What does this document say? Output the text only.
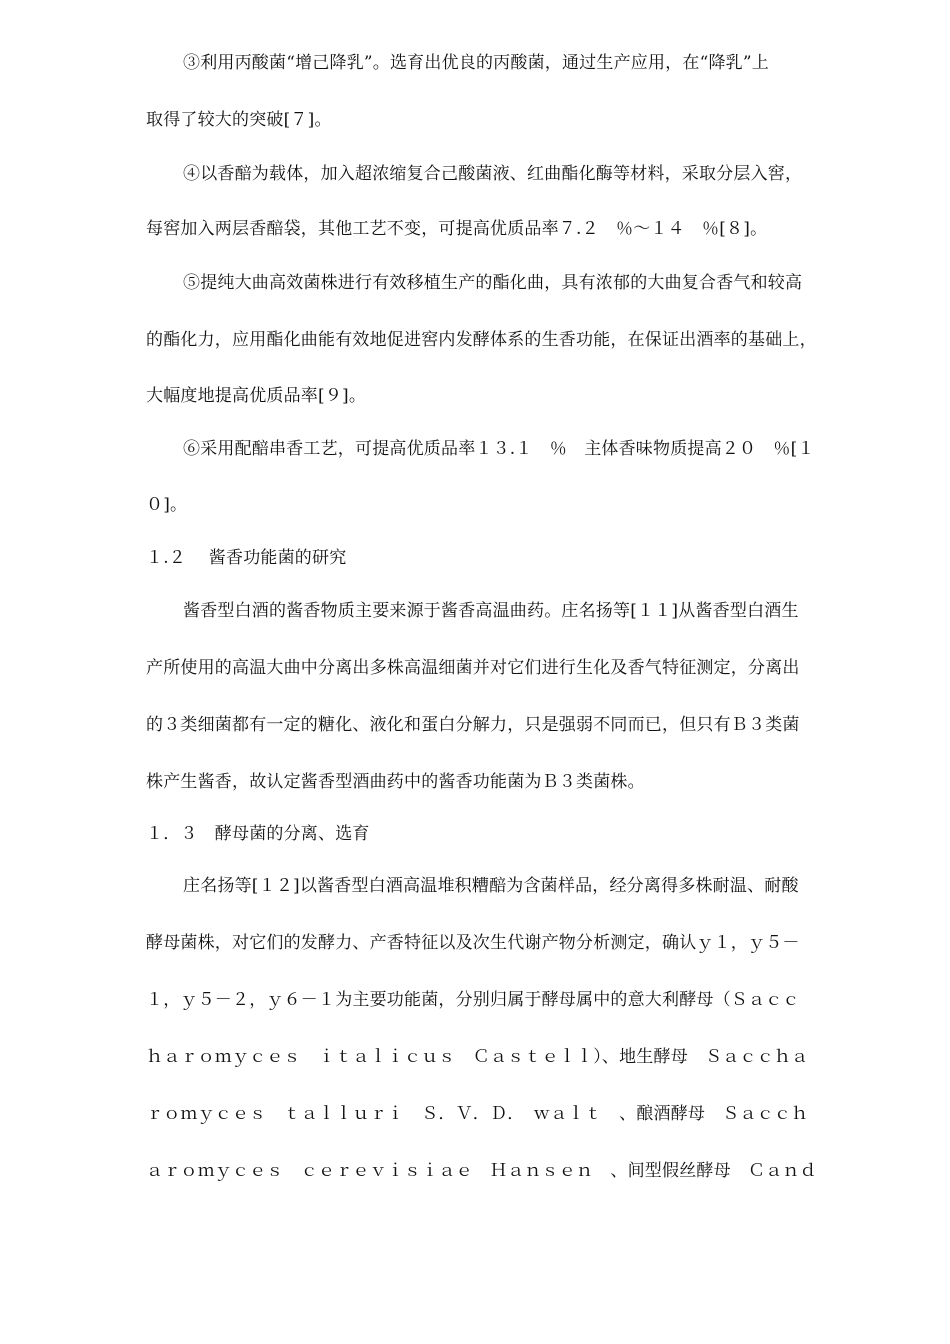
③利用丙酸菌“增己降乳”。选育出优良的丙酸菌，通过生产应用，在“降乳”上
取得了较大的突破[７]。
④以香醅为载体，加入超浓缩复合己酸菌液、红曲酯化酶等材料，采取分层入窖，
每窖加入两层香醅袋，其他工艺不变，可提高优质品率７.２　％～１４　％[８]。
⑤提纯大曲高效菌株进行有效移植生产的酯化曲，具有浓郁的大曲复合香气和较高
的酯化力，应用酯化曲能有效地促进窖内发酵体系的生香功能，在保证出酒率的基础上，
大幅度地提高优质品率[９]。
⑥采用配醅串香工艺，可提高优质品率１３.１　％　主体香味物质提高２０　％[１
０]。
１.２　 酱香功能菌的研究
酱香型白酒的酱香物质主要来源于酱香高温曲药。庄名扬等[１１]从酱香型白酒生
产所使用的高温大曲中分离出多株高温细菌并对它们进行生化及香气特征测定，分离出
的３类细菌都有一定的糖化、液化和蛋白分解力，只是强弱不同而已，但只有Ｂ３类菌
株产生酱香，故认定酱香型酒曲药中的酱香功能菌为Ｂ３类菌株。
１．３　酵母菌的分离、选育
庄名扬等[１２]以酱香型白酒高温堆积糟醅为含菌样品，经分离得多株耐温、耐酸
酵母菌株，对它们的发酵力、产香特征以及次生代谢产物分析测定，确认ｙ１，ｙ５－
１，ｙ５－２，ｙ６－１为主要功能菌，分别归属于酵母属中的意大利酵母（Ｓａｃｃ
ｈａｒｏｍｙｃｅｓ　ｉｔａｌｉｃｕｓ　Ｃａｓｔｅｌｌ）、地生酵母　Ｓａｃｃｈａ
ｒｏｍｙｃｅｓ　ｔａｌｌｕｒｉ　Ｓ．Ｖ．Ｄ．　ｗａｌｔ　、酿酒酵母　Ｓａｃｃｈ
ａｒｏｍｙｃｅｓ　ｃｅｒｅｖｉｓｉａｅ　Ｈａｎｓｅｎ　、间型假丝酵母　Ｃａｎｄ
